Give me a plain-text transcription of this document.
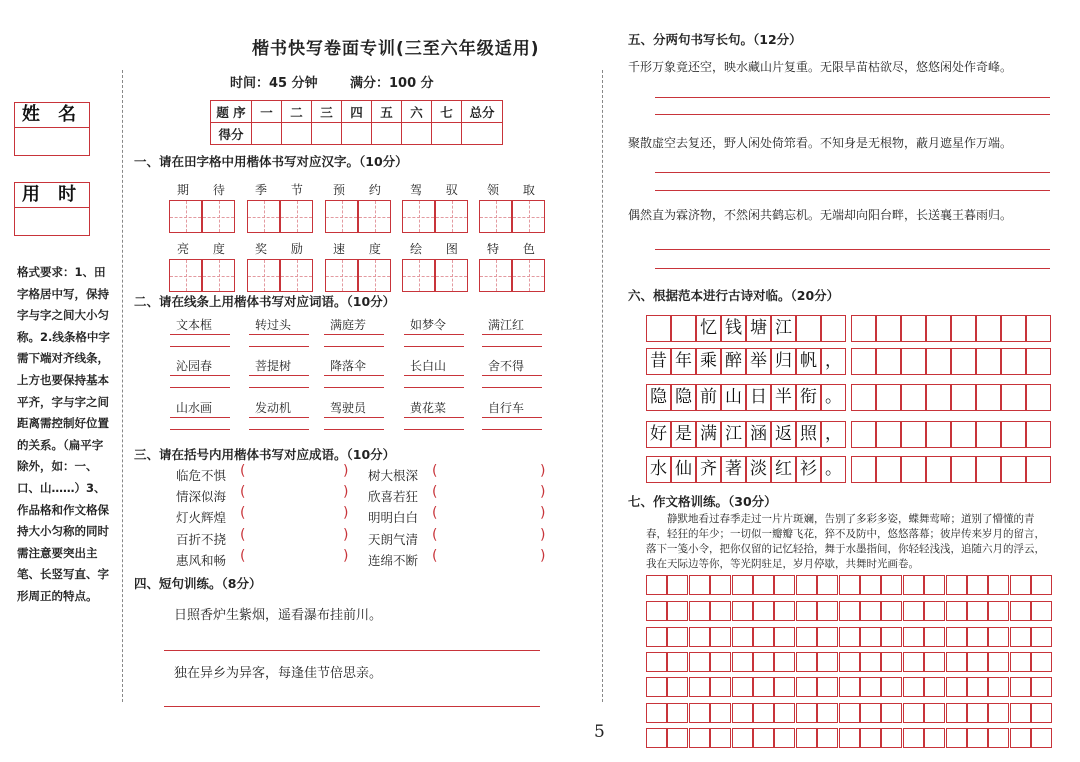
姓 名
用 时
格式要求：1、田字格居中写，保持字与字之间大小匀称。2.线条格中字需下端对齐线条，上方也要保持基本平齐，字与字之间距离需控制好位置的关系。（扁平字除外，如：一、口、山……）3、作品格和作文格保持大小匀称的同时需注意要突出主笔、长竖写直、字形周正的特点。
楷书快写卷面专训(三至六年级适用)
时间：45 分钟 满分：100 分
题 序	一	二	三	四	五	六	七	总分
得分								
一、请在田字格中用楷体书写对应汉字。（10分）
期 待 季 节 预 约 驾 驭 领 取
亮 度 奖 励 速 度 绘 图 特 色
二、请在线条上用楷体书写对应词语。（10分）
文本框	转过头	满庭芳	如梦令	满江红
沁园春	菩提树	降落伞	长白山	舍不得
山水画	发动机	驾驶员	黄花菜	自行车
三、请在括号内用楷体书写对应成语。（10分）
临危不惧 (	) 树大根深 (	)
情深似海 (	) 欣喜若狂 (	)
灯火辉煌 (	) 明明白白 (	)
百折不挠 (	) 天朗气清 (	)
惠风和畅 (	) 连绵不断 (	)
四、短句训练。（8分）
日照香炉生紫烟，遥看瀑布挂前川。
独在异乡为异客，每逢佳节倍思亲。
5
五、分两句书写长句。（12分）
千形万象竟还空，映水藏山片复重。无限旱苗枯欲尽，悠悠闲处作奇峰。
聚散虚空去复还，野人闲处倚筇看。不知身是无根物，蔽月遮星作万端。
偶然直为霖济物，不然闲共鹤忘机。无端却向阳台畔，长送襄王暮雨归。
六、根据范本进行古诗对临。（20分）
忆 钱 塘 江
昔 年 乘 醉 举 归 帆 ，
隐 隐 前 山 日 半 衔 。
好 是 满 江 涵 返 照 ，
水 仙 齐 著 淡 红 衫 。
七、作文格训练。（30分）
静默地看过春季走过一片片斑斓，告别了多彩多姿，蝶舞莺啼；道别了懵懂的青春，轻狂的年少；一切似一瓣瓣飞花，猝不及防中，悠悠落幕；彼岸传来岁月的留言，落下一笺小令，把你仅留的记忆轻拾，舞于水墨指间，你轻轻浅浅，追随六月的浮云，我在天际边等你，等光阴驻足，岁月停歇，共舞时光画卷。
